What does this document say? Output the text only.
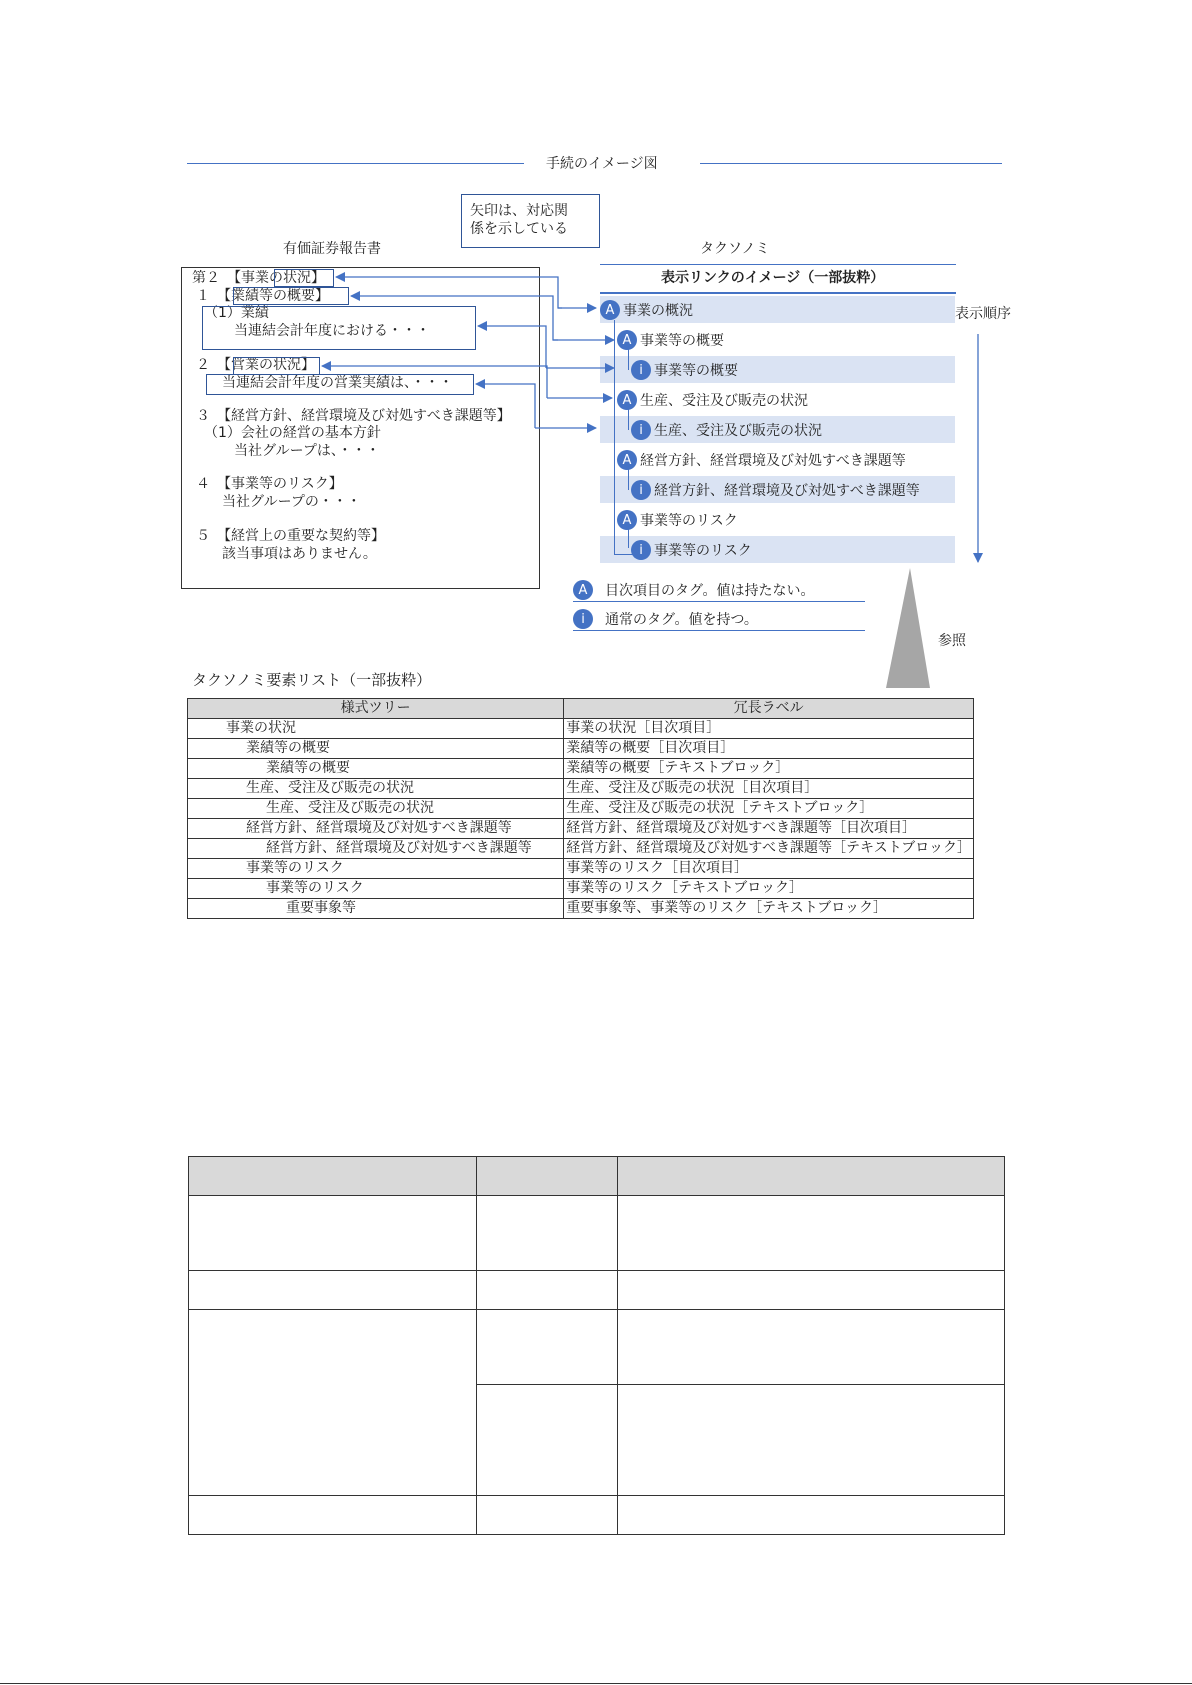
手続のイメージ図
矢印は、対応関
係を示している
有価証券報告書
第２　【事業の状況】
１　【業績等の概要】
（1）業績
当連結会計年度における・・・
２　【営業の状況】
当連結会計年度の営業実績は、・・・
３　【経営方針、経営環境及び対処すべき課題等】
（1）会社の経営の基本方針
当社グループは、・・・
４　【事業等のリスク】
当社グループの・・・
５　【経営上の重要な契約等】
該当事項はありません。
タクソノミ
表示リンクのイメージ（一部抜粋）
A 事業の概況
A 事業等の概要
i 事業等の概要
A 生産、受注及び販売の状況
i 生産、受注及び販売の状況
A 経営方針、経営環境及び対処すべき課題等
i 経営方針、経営環境及び対処すべき課題等
A 事業等のリスク
i 事業等のリスク
表示順序
A	目次項目のタグ。値は持たない。
i	通常のタグ。値を持つ。
参照
タクソノミ要素リスト（一部抜粋）
様式ツリー	冗長ラベル
事業の状況	事業の状況［目次項目］
業績等の概要	業績等の概要［目次項目］
業績等の概要	業績等の概要［テキストブロック］
生産、受注及び販売の状況	生産、受注及び販売の状況［目次項目］
生産、受注及び販売の状況	生産、受注及び販売の状況［テキストブロック］
経営方針、経営環境及び対処すべき課題等	経営方針、経営環境及び対処すべき課題等［目次項目］
経営方針、経営環境及び対処すべき課題等	経営方針、経営環境及び対処すべき課題等［テキストブロック］
事業等のリスク	事業等のリスク［目次項目］
事業等のリスク	事業等のリスク［テキストブロック］
重要事象等	重要事象等、事業等のリスク［テキストブロック］
